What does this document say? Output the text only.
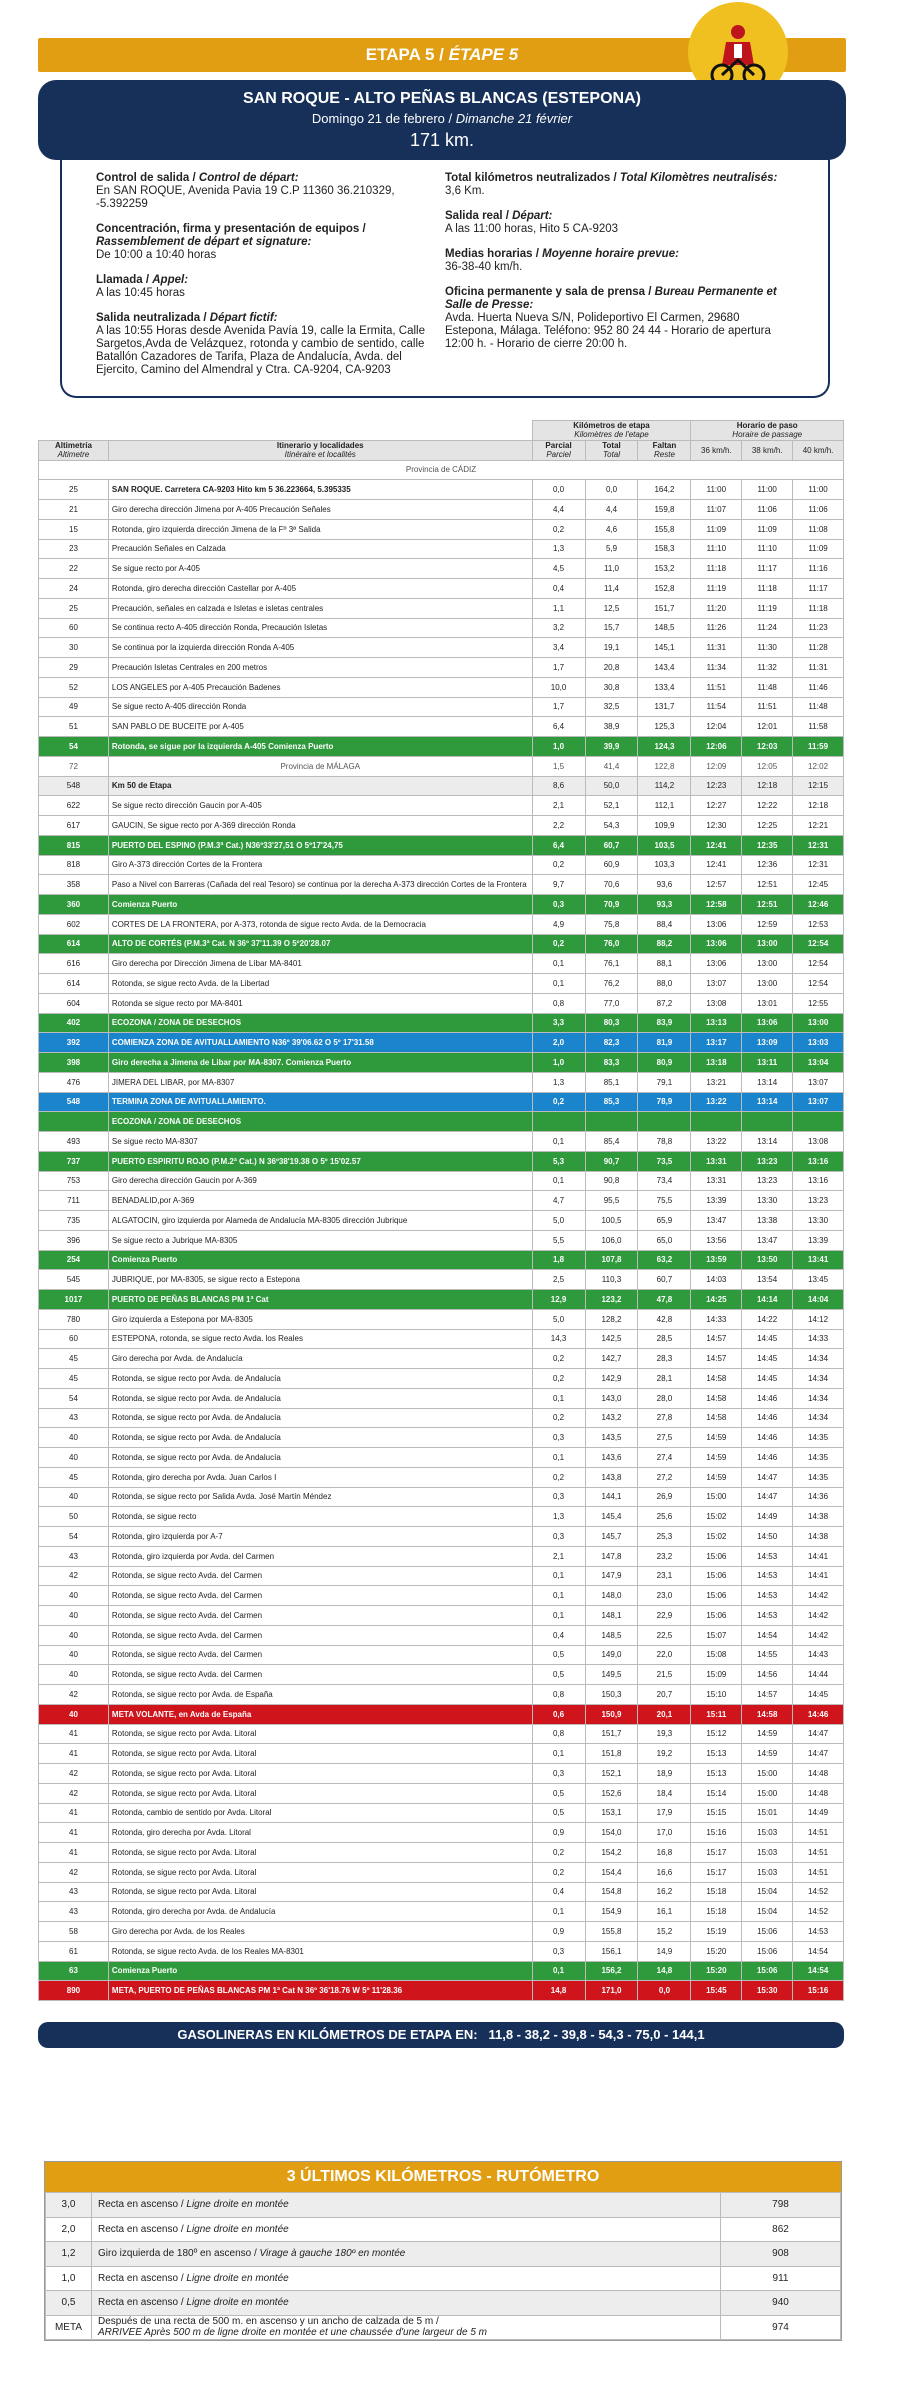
ETAPA 5 / ÉTAPE 5
SAN ROQUE - ALTO PEÑAS BLANCAS (ESTEPONA)
Domingo 21 de febrero / Dimanche 21 février
171 km.

Control de salida / Control de départ:
En SAN ROQUE, Avenida Pavia 19 C.P 11360 36.210329, -5.392259

Concentración, firma y presentación de equipos / Rassemblement de départ et signature:
De 10:00 a 10:40 horas

Llamada / Appel:
A las 10:45 horas

Salida neutralizada / Départ fictif:
A las 10:55 Horas desde Avenida Pavía 19, calle la Ermita, Calle Sargetos,Avda de Velázquez, rotonda y cambio de sentido, calle Batallón Cazadores de Tarifa, Plaza de Andalucía, Avda. del Ejercito, Camino del Almendral y Ctra. CA-9204, CA-9203

Total kilómetros neutralizados / Total Kilomètres neutralisés:
3,6 Km.

Salida real / Départ:
A las 11:00 horas, Hito 5 CA-9203

Medias horarias / Moyenne horaire prevue:
36-38-40 km/h.

Oficina permanente y sala de prensa / Bureau Permanente et Salle de Presse:
Avda. Huerta Nueva S/N, Polideportivo El Carmen, 29680 Estepona, Málaga. Teléfono: 952 80 24 44 - Horario de apertura 12:00 h. - Horario de cierre 20:00 h.

		Kilómetros de etapa
Kilomètres de l'etape			Horario de paso
Horaire de passage		
Altimetría
Altimetre	Itinerario y localidades
Itinéraire et localités	Parcial
Parciel	Total
Total	Faltan
Reste	36 km/h.	38 km/h.	40 km/h.
Provincia de CÁDIZ							
25	SAN ROQUE. Carretera CA-9203 Hito km 5 36.223664, 5.395335	0,0	0,0	164,2	11:00	11:00	11:00
21	Giro derecha dirección Jimena por A-405 Precaución Señales	4,4	4,4	159,8	11:07	11:06	11:06
15	Rotonda, giro izquierda dirección Jimena de la Fº 3ª Salida	0,2	4,6	155,8	11:09	11:09	11:08
23	Precaución Señales en Calzada	1,3	5,9	158,3	11:10	11:10	11:09
22	Se sigue recto por A-405	4,5	11,0	153,2	11:18	11:17	11:16
24	Rotonda, giro derecha dirección Castellar por A-405	0,4	11,4	152,8	11:19	11:18	11:17
25	Precaución, señales en calzada e Isletas e isletas centrales	1,1	12,5	151,7	11:20	11:19	11:18
60	Se continua recto A-405 dirección Ronda, Precaución Isletas	3,2	15,7	148,5	11:26	11:24	11:23
30	Se continua por la izquierda dirección Ronda A-405	3,4	19,1	145,1	11:31	11:30	11:28
29	Precaución Isletas Centrales en 200 metros	1,7	20,8	143,4	11:34	11:32	11:31
52	LOS ANGELES por A-405 Precaución Badenes	10,0	30,8	133,4	11:51	11:48	11:46
49	Se sigue recto A-405 dirección Ronda	1,7	32,5	131,7	11:54	11:51	11:48
51	SAN PABLO DE BUCEITE por A-405	6,4	38,9	125,3	12:04	12:01	11:58
54	Rotonda, se sigue por la izquierda A-405 Comienza Puerto	1,0	39,9	124,3	12:06	12:03	11:59
72	Provincia de MÁLAGA	1,5	41,4	122,8	12:09	12:05	12:02
548	Km 50 de Etapa	8,6	50,0	114,2	12:23	12:18	12:15
622	Se sigue recto dirección Gaucin por A-405	2,1	52,1	112,1	12:27	12:22	12:18
617	GAUCIN, Se sigue recto por A-369 dirección Ronda	2,2	54,3	109,9	12:30	12:25	12:21
815	PUERTO DEL ESPINO (P.M.3ª Cat.) N36º33'27,51 O 5º17'24,75	6,4	60,7	103,5	12:41	12:35	12:31
818	Giro A-373 dirección Cortes de la Frontera	0,2	60,9	103,3	12:41	12:36	12:31
358	Paso a Nivel con Barreras (Cañada del real Tesoro) se continua por la derecha A-373 dirección Cortes de la Frontera	9,7	70,6	93,6	12:57	12:51	12:45
360	Comienza Puerto	0,3	70,9	93,3	12:58	12:51	12:46
602	CORTES DE LA FRONTERA, por A-373, rotonda de sigue recto Avda. de la Democracia	4,9	75,8	88,4	13:06	12:59	12:53
614	ALTO DE CORTÉS (P.M.3ª Cat. N 36º 37'11.39 O 5º20'28.07	0,2	76,0	88,2	13:06	13:00	12:54
616	Giro derecha por Dirección Jimena de Líbar MA-8401	0,1	76,1	88,1	13:06	13:00	12:54
614	Rotonda, se sigue recto Avda. de la Libertad	0,1	76,2	88,0	13:07	13:00	12:54
604	Rotonda se sigue recto por MA-8401	0,8	77,0	87,2	13:08	13:01	12:55
402	ECOZONA / ZONA DE DESECHOS	3,3	80,3	83,9	13:13	13:06	13:00
392	COMIENZA ZONA DE AVITUALLAMIENTO N36º 39'06.62 O 5º 17'31.58	2,0	82,3	81,9	13:17	13:09	13:03
398	Giro derecha a Jimena de Libar por MA-8307. Comienza Puerto	1,0	83,3	80,9	13:18	13:11	13:04
476	JIMERA DEL LIBAR, por MA-8307	1,3	85,1	79,1	13:21	13:14	13:07
548	TERMINA ZONA DE AVITUALLAMIENTO.	0,2	85,3	78,9	13:22	13:14	13:07
	ECOZONA / ZONA DE DESECHOS						
493	Se sigue recto MA-8307	0,1	85,4	78,8	13:22	13:14	13:08
737	PUERTO ESPIRITU ROJO (P.M.2ª Cat.) N 36º38'19.38 O 5º 15'02.57	5,3	90,7	73,5	13:31	13:23	13:16
753	Giro derecha dirección Gaucin por A-369	0,1	90,8	73,4	13:31	13:23	13:16
711	BENADALID,por A-369	4,7	95,5	75,5	13:39	13:30	13:23
735	ALGATOCIN, giro izquierda por Alameda de Andalucía MA-8305 dirección Jubrique	5,0	100,5	65,9	13:47	13:38	13:30
396	Se sigue recto a Jubrique MA-8305	5,5	106,0	65,0	13:56	13:47	13:39
254	Comienza Puerto	1,8	107,8	63,2	13:59	13:50	13:41
545	JUBRIQUE, por MA-8305, se sigue recto a Estepona	2,5	110,3	60,7	14:03	13:54	13:45
1017	PUERTO DE PEÑAS BLANCAS PM 1ª Cat	12,9	123,2	47,8	14:25	14:14	14:04
780	Giro izquierda a Estepona por MA-8305	5,0	128,2	42,8	14:33	14:22	14:12
60	ESTEPONA, rotonda, se sigue recto Avda. los Reales	14,3	142,5	28,5	14:57	14:45	14:33
45	Giro derecha por Avda. de Andalucía	0,2	142,7	28,3	14:57	14:45	14:34
45	Rotonda, se sigue recto por Avda. de Andalucía	0,2	142,9	28,1	14:58	14:45	14:34
54	Rotonda, se sigue recto por Avda. de Andalucía	0,1	143,0	28,0	14:58	14:46	14:34
43	Rotonda, se sigue recto por Avda. de Andalucía	0,2	143,2	27,8	14:58	14:46	14:34
40	Rotonda, se sigue recto por Avda. de Andalucía	0,3	143,5	27,5	14:59	14:46	14:35
40	Rotonda, se sigue recto por Avda. de Andalucía	0,1	143,6	27,4	14:59	14:46	14:35
45	Rotonda, giro derecha por Avda. Juan Carlos I	0,2	143,8	27,2	14:59	14:47	14:35
40	Rotonda, se sigue recto por Salida Avda. José Martín Méndez	0,3	144,1	26,9	15:00	14:47	14:36
50	Rotonda, se sigue recto	1,3	145,4	25,6	15:02	14:49	14:38
54	Rotonda, giro izquierda por A-7	0,3	145,7	25,3	15:02	14:50	14:38
43	Rotonda, giro izquierda por Avda. del Carmen	2,1	147,8	23,2	15:06	14:53	14:41
42	Rotonda, se sigue recto Avda. del Carmen	0,1	147,9	23,1	15:06	14:53	14:41
40	Rotonda, se sigue recto Avda. del Carmen	0,1	148,0	23,0	15:06	14:53	14:42
40	Rotonda, se sigue recto Avda. del Carmen	0,1	148,1	22,9	15:06	14:53	14:42
40	Rotonda, se sigue recto Avda. del Carmen	0,4	148,5	22,5	15:07	14:54	14:42
40	Rotonda, se sigue recto Avda. del Carmen	0,5	149,0	22,0	15:08	14:55	14:43
40	Rotonda, se sigue recto Avda. del Carmen	0,5	149,5	21,5	15:09	14:56	14:44
42	Rotonda, se sigue recto por Avda. de España	0,8	150,3	20,7	15:10	14:57	14:45
40	META VOLANTE, en Avda de España	0,6	150,9	20,1	15:11	14:58	14:46
41	Rotonda, se sigue recto por Avda. Litoral	0,8	151,7	19,3	15:12	14:59	14:47
41	Rotonda, se sigue recto por Avda. Litoral	0,1	151,8	19,2	15:13	14:59	14:47
42	Rotonda, se sigue recto por Avda. Litoral	0,3	152,1	18,9	15:13	15:00	14:48
42	Rotonda, se sigue recto por Avda. Litoral	0,5	152,6	18,4	15:14	15:00	14:48
41	Rotonda, cambio de sentido por Avda. Litoral	0,5	153,1	17,9	15:15	15:01	14:49
41	Rotonda, giro derecha por Avda. Litoral	0,9	154,0	17,0	15:16	15:03	14:51
41	Rotonda, se sigue recto por Avda. Litoral	0,2	154,2	16,8	15:17	15:03	14:51
42	Rotonda, se sigue recto por Avda. Litoral	0,2	154,4	16,6	15:17	15:03	14:51
43	Rotonda, se sigue recto por Avda. Litoral	0,4	154,8	16,2	15:18	15:04	14:52
43	Rotonda, giro derecha por Avda. de Andalucía	0,1	154,9	16,1	15:18	15:04	14:52
58	Giro derecha por Avda. de los Reales	0,9	155,8	15,2	15:19	15:06	14:53
61	Rotonda, se sigue recto Avda. de los Reales MA-8301	0,3	156,1	14,9	15:20	15:06	14:54
63	Comienza Puerto	0,1	156,2	14,8	15:20	15:06	14:54
890	META, PUERTO DE PEÑAS BLANCAS PM 1ª Cat N 36º 36'18.76 W 5º 11'28.36	14,8	171,0	0,0	15:45	15:30	15:16
GASOLINERAS EN KILÓMETROS DE ETAPA EN: 11,8 - 38,2 - 39,8 - 54,3 - 75,0 - 144,1
3 ÚLTIMOS KILÓMETROS - RUTÓMETRO
3,0	Recta en ascenso / Ligne droite en montée	798
2,0	Recta en ascenso / Ligne droite en montée	862
1,2	Giro izquierda de 180º en ascenso / Virage à gauche 180º en montée	908
1,0	Recta en ascenso / Ligne droite en montée	911
0,5	Recta en ascenso / Ligne droite en montée	940
META	Después de una recta de 500 m. en ascenso y un ancho de calzada de 5 m /
ARRIVEE Après 500 m de ligne droite en montée et une chaussée d'une largeur de 5 m	974
